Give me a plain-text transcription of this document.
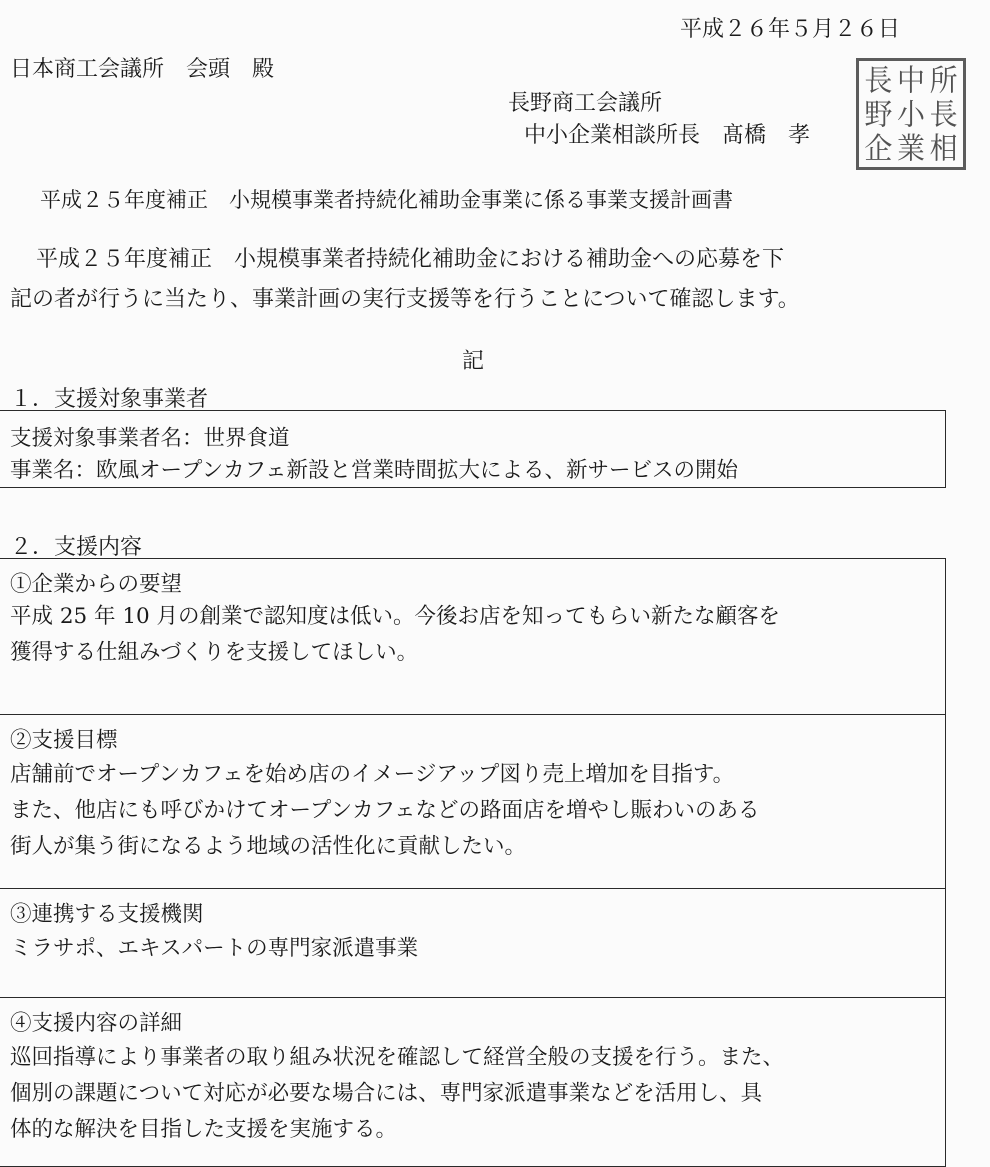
平成２６年５月２６日
日本商工会議所　会頭　殿
長野商工会議所
中小企業相談所長　髙橋　孝
長 中 所
野 小 長
企 業 相
平成２５年度補正　小規模事業者持続化補助金事業に係る事業支援計画書
平成２５年度補正　小規模事業者持続化補助金における補助金への応募を下
記の者が行うに当たり、事業計画の実行支援等を行うことについて確認します。
記
１．支援対象事業者
支援対象事業者名：世界食道
事業名：欧風オープンカフェ新設と営業時間拡大による、新サービスの開始
２．支援内容
①企業からの要望
平成 25 年 10 月の創業で認知度は低い。今後お店を知ってもらい新たな顧客を
獲得する仕組みづくりを支援してほしい。
②支援目標
店舗前でオープンカフェを始め店のイメージアップ図り売上増加を目指す。
また、他店にも呼びかけてオープンカフェなどの路面店を増やし賑わいのある
街人が集う街になるよう地域の活性化に貢献したい。
③連携する支援機関
ミラサポ、エキスパートの専門家派遣事業
④支援内容の詳細
巡回指導により事業者の取り組み状況を確認して経営全般の支援を行う。また、
個別の課題について対応が必要な場合には、専門家派遣事業などを活用し、具
体的な解決を目指した支援を実施する。
